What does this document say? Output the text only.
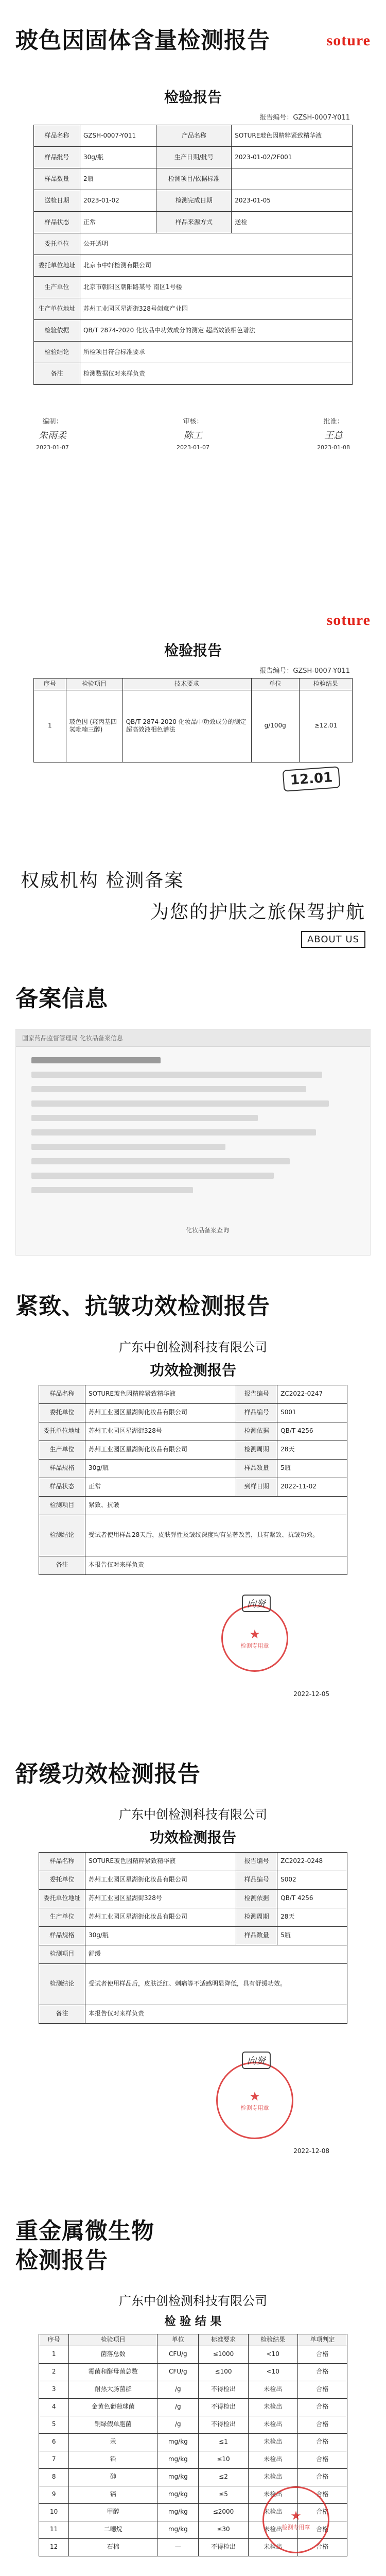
玻色因固体含量检测报告	soture
检验报告
报告编号：GZSH-0007-Y011
样品名称	GZSH-0007-Y011	产品名称	SOTURE玻色因精粹紧致精华液
样品批号	30g/瓶	生产日期/批号	2023-01-02/2F001
样品数量	2瓶	检测项目/依据标准	
送检日期	2023-01-02	检测完成日期	2023-01-05
样品状态	正常	样品来源方式	送检
委托单位	公开透明		
委托单位地址	北京市中轩检测有限公司		
生产单位	北京市朝阳区朝阳路某号 南区1号楼		
生产单位地址	苏州工业园区星湖街328号创意产业园		
检验依据	QB/T 2874-2020 化妆品中功效成分的测定 超高效液相色谱法		
检验结论	所检项目符合标准要求		
备注	检测数据仅对来样负责		
编制：
朱雨柔
2023-01-07
审核：
陈工
2023-01-07
批准：
王总
2023-01-08
soture
检验报告
报告编号：GZSH-0007-Y011
序号	检验项目	技术要求	单位	检验结果
1	玻色因 (羟丙基四氢吡喃三醇)	QB/T 2874-2020 化妆品中功效成分的测定 超高效液相色谱法	g/100g	≥12.01
12.01
权威机构 检测备案
为您的护肤之旅保驾护航
ABOUT US
备案信息
国家药品监督管理局 化妆品备案信息
化妆品备案查询
紧致、抗皱功效检测报告
广东中创检测科技有限公司
功效检测报告
样品名称	SOTURE玻色因精粹紧致精华液	报告编号	ZC2022-0247
委托单位	苏州工业园区星湖街化妆品有限公司	样品编号	S001
委托单位地址	苏州工业园区星湖街328号	检测依据	QB/T 4256
生产单位	苏州工业园区星湖街化妆品有限公司	检测周期	28天
样品规格	30g/瓶	样品数量	5瓶
样品状态	正常	到样日期	2022-11-02
检测项目	紧致、抗皱		
检测结论	受试者使用样品28天后，皮肤弹性及皱纹深度均有显著改善，具有紧致、抗皱功效。		
备注	本报告仅对来样负责		
★
检测专用章
向贤
2022-12-05
舒缓功效检测报告
广东中创检测科技有限公司
功效检测报告
样品名称	SOTURE玻色因精粹紧致精华液	报告编号	ZC2022-0248
委托单位	苏州工业园区星湖街化妆品有限公司	样品编号	S002
委托单位地址	苏州工业园区星湖街328号	检测依据	QB/T 4256
生产单位	苏州工业园区星湖街化妆品有限公司	检测周期	28天
样品规格	30g/瓶	样品数量	5瓶
检测项目	舒缓		
检测结论	受试者使用样品后，皮肤泛红、刺痛等不适感明显降低，具有舒缓功效。		
备注	本报告仅对来样负责		
★
检测专用章
向贤
2022-12-08
重金属微生物
检测报告
广东中创检测科技有限公司
检 验 结 果
序号	检验项目	单位	标准要求	检验结果	单项判定
1	菌落总数	CFU/g	≤1000	<10	合格
2	霉菌和酵母菌总数	CFU/g	≤100	<10	合格
3	耐热大肠菌群	/g	不得检出	未检出	合格
4	金黄色葡萄球菌	/g	不得检出	未检出	合格
5	铜绿假单胞菌	/g	不得检出	未检出	合格
6	汞	mg/kg	≤1	未检出	合格
7	铅	mg/kg	≤10	未检出	合格
8	砷	mg/kg	≤2	未检出	合格
9	镉	mg/kg	≤5	未检出	合格
10	甲醇	mg/kg	≤2000	未检出	合格
11	二噁烷	mg/kg	≤30	未检出	合格
12	石棉	—	不得检出	未检出	合格
★
检测专用章
